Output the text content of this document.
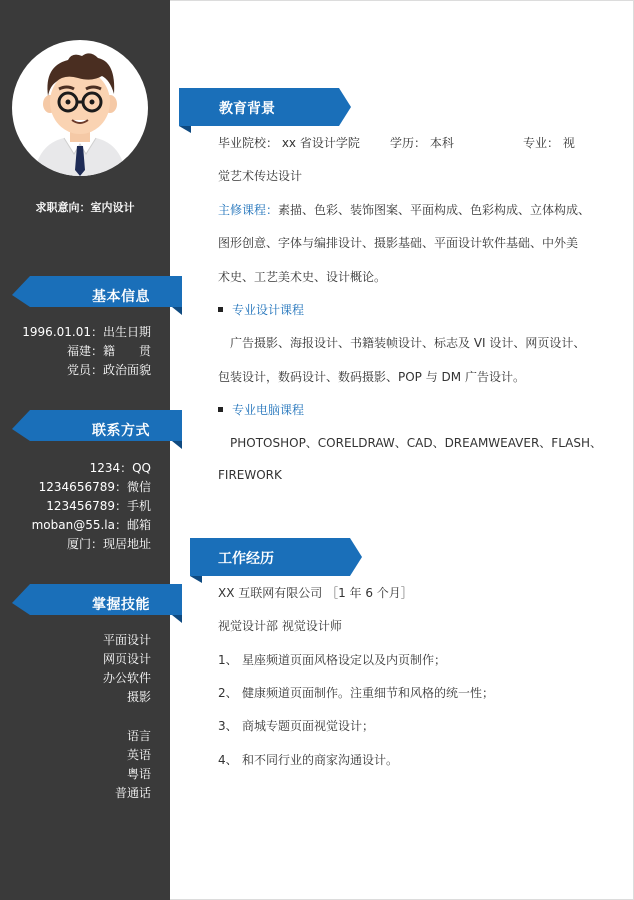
求职意向：室内设计
基本信息
1996.01.01：出生日期
福建：籍　　贯
党员：政治面貌
联系方式
1234：QQ
1234656789：微信
123456789：手机
moban@55.la：邮箱
厦门：现居地址
掌握技能
平面设计
网页设计
办公软件
摄影
语言
英语
粤语
普通话
教育背景
毕业院校： xx 省设计学院	学历： 本科	专业： 视
觉艺术传达设计
主修课程：素描、色彩、装饰图案、平面构成、色彩构成、立体构成、
图形创意、字体与编排设计、摄影基础、平面设计软件基础、中外美
术史、工艺美术史、设计概论。
专业设计课程
广告摄影、海报设计、书籍装帧设计、标志及 VI 设计、网页设计、
包装设计，数码设计、数码摄影、POP 与 DM 广告设计。
专业电脑课程
PHOTOSHOP、CORELDRAW、CAD、DREAMWEAVER、FLASH、
FIREWORK
工作经历
XX 互联网有限公司 ［1 年 6 个月］
视觉设计部 视觉设计师
1、 星座频道页面风格设定以及内页制作；
2、 健康频道页面制作。注重细节和风格的统一性；
3、 商城专题页面视觉设计；
4、 和不同行业的商家沟通设计。
